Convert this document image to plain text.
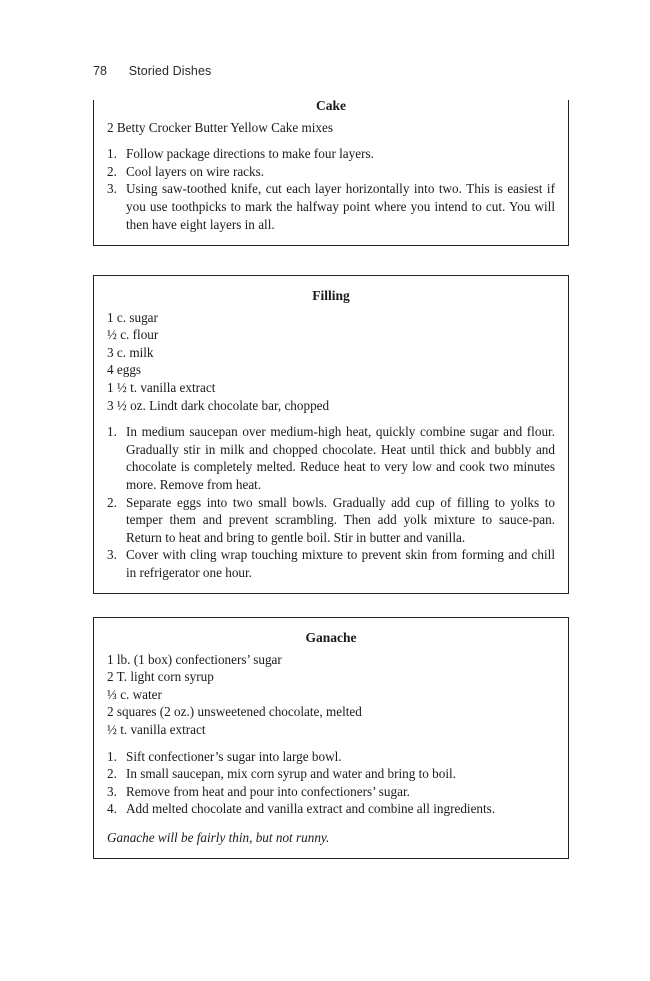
78 Storied Dishes
Cake
2 Betty Crocker Butter Yellow Cake mixes
1. Follow package directions to make four layers.
2. Cool layers on wire racks.
3. Using saw-toothed knife, cut each layer horizontally into two. This is easiest if you use toothpicks to mark the halfway point where you intend to cut. You will then have eight layers in all.
Filling
1 c. sugar
½ c. flour
3 c. milk
4 eggs
1 ½ t. vanilla extract
3 ½ oz. Lindt dark chocolate bar, chopped
1. In medium saucepan over medium-high heat, quickly combine sugar and flour. Gradually stir in milk and chopped chocolate. Heat until thick and bubbly and chocolate is completely melted. Reduce heat to very low and cook two minutes more. Remove from heat.
2. Separate eggs into two small bowls. Gradually add cup of filling to yolks to temper them and prevent scrambling. Then add yolk mixture to sauce-pan. Return to heat and bring to gentle boil. Stir in butter and vanilla.
3. Cover with cling wrap touching mixture to prevent skin from forming and chill in refrigerator one hour.
Ganache
1 lb. (1 box) confectioners’ sugar
2 T. light corn syrup
⅓ c. water
2 squares (2 oz.) unsweetened chocolate, melted
½ t. vanilla extract
1. Sift confectioner’s sugar into large bowl.
2. In small saucepan, mix corn syrup and water and bring to boil.
3. Remove from heat and pour into confectioners’ sugar.
4. Add melted chocolate and vanilla extract and combine all ingredients.
Ganache will be fairly thin, but not runny.
